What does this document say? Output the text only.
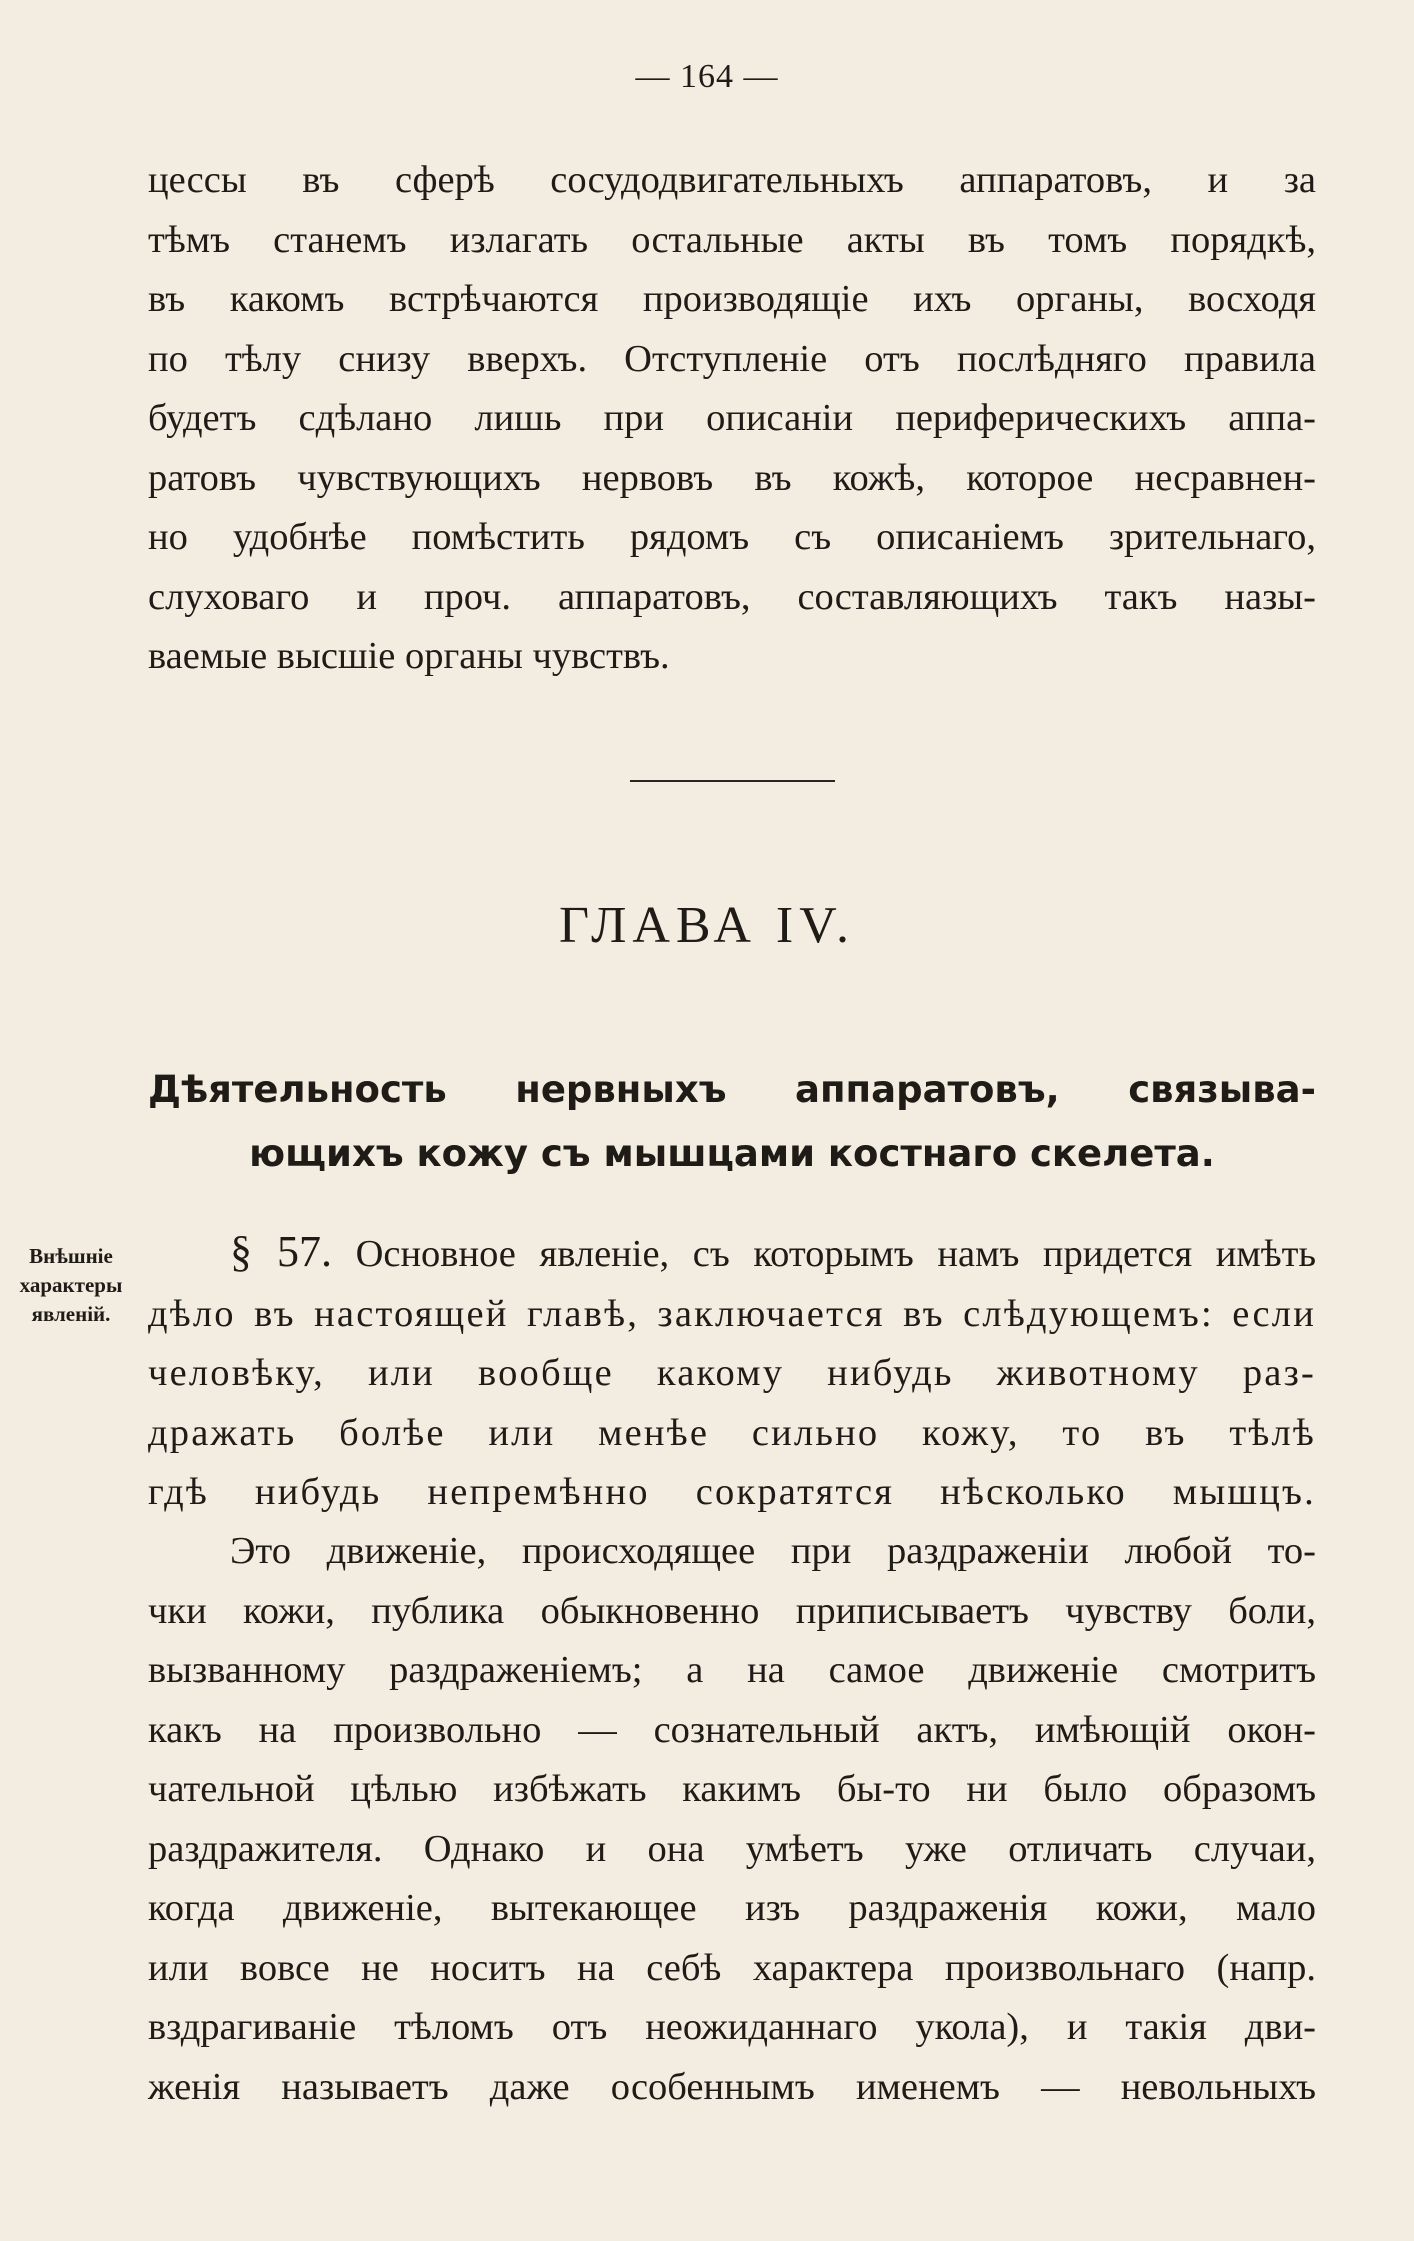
— 164 —
цессы въ сферѣ сосудодвигательныхъ аппаратовъ, и за
тѣмъ станемъ излагать остальные акты въ томъ порядкѣ,
въ какомъ встрѣчаются производящіе ихъ органы, восходя
по тѣлу снизу вверхъ. Отступленіе отъ послѣдняго правила
будетъ сдѣлано лишь при описаніи периферическихъ аппа-
ратовъ чувствующихъ нервовъ въ кожѣ, которое несравнен-
но удобнѣе помѣстить рядомъ съ описаніемъ зрительнаго,
слуховаго и проч. аппаратовъ, составляющихъ такъ назы-
ваемые высшіе органы чувствъ.
ГЛАВА IV.
Дѣятельность нервныхъ аппаратовъ, связыва-
ющихъ кожу съ мышцами костнаго скелета.
Внѣшніе
характеры
явленій.
§ 57. Основное явленіе, съ которымъ намъ придется имѣть
дѣло въ настоящей главѣ, заключается въ слѣдующемъ: если
человѣку, или вообще какому нибудь животному раз-
дражать болѣе или менѣе сильно кожу, то въ тѣлѣ
гдѣ нибудь непремѣнно сократятся нѣсколько мышцъ.
Это движеніе, происходящее при раздраженіи любой то-
чки кожи, публика обыкновенно приписываетъ чувству боли,
вызванному раздраженіемъ; а на самое движеніе смотритъ
какъ на произвольно — сознательный актъ, имѣющій окон-
чательной цѣлью избѣжать какимъ бы-то ни было образомъ
раздражителя. Однако и она умѣетъ уже отличать случаи,
когда движеніе, вытекающее изъ раздраженія кожи, мало
или вовсе не носитъ на себѣ характера произвольнаго (напр.
вздрагиваніе тѣломъ отъ неожиданнаго укола), и такія дви-
женія называетъ даже особеннымъ именемъ — невольныхъ
